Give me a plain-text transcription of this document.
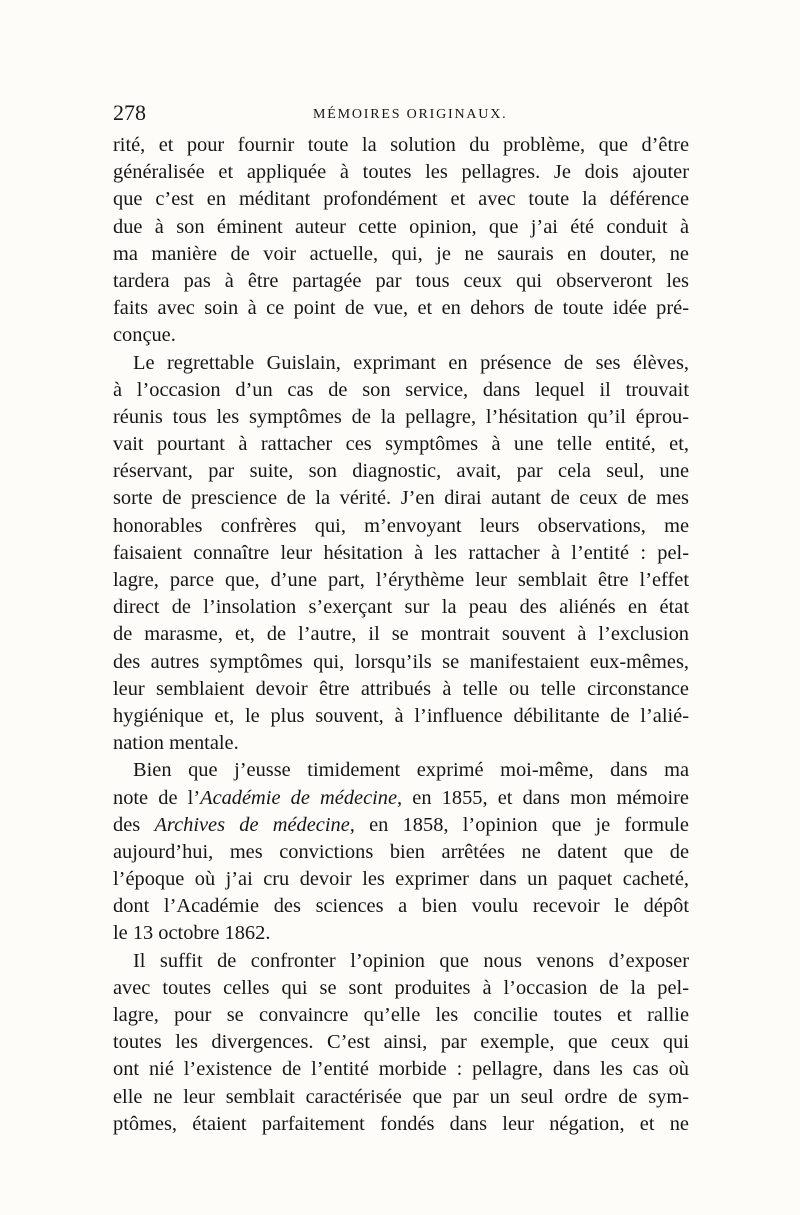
278	MÉMOIRES ORIGINAUX.
rité, et pour fournir toute la solution du problème, que d’être
généralisée et appliquée à toutes les pellagres. Je dois ajouter
que c’est en méditant profondément et avec toute la déférence
due à son éminent auteur cette opinion, que j’ai été conduit à
ma manière de voir actuelle, qui, je ne saurais en douter, ne
tardera pas à être partagée par tous ceux qui observeront les
faits avec soin à ce point de vue, et en dehors de toute idée pré-
conçue.
Le regrettable Guislain, exprimant en présence de ses élèves,
à l’occasion d’un cas de son service, dans lequel il trouvait
réunis tous les symptômes de la pellagre, l’hésitation qu’il éprou-
vait pourtant à rattacher ces symptômes à une telle entité, et,
réservant, par suite, son diagnostic, avait, par cela seul, une
sorte de prescience de la vérité. J’en dirai autant de ceux de mes
honorables confrères qui, m’envoyant leurs observations, me
faisaient connaître leur hésitation à les rattacher à l’entité : pel-
lagre, parce que, d’une part, l’érythème leur semblait être l’effet
direct de l’insolation s’exerçant sur la peau des aliénés en état
de marasme, et, de l’autre, il se montrait souvent à l’exclusion
des autres symptômes qui, lorsqu’ils se manifestaient eux-mêmes,
leur semblaient devoir être attribués à telle ou telle circonstance
hygiénique et, le plus souvent, à l’influence débilitante de l’alié-
nation mentale.
Bien que j’eusse timidement exprimé moi-même, dans ma
note de l’Académie de médecine, en 1855, et dans mon mémoire
des Archives de médecine, en 1858, l’opinion que je formule
aujourd’hui, mes convictions bien arrêtées ne datent que de
l’époque où j’ai cru devoir les exprimer dans un paquet cacheté,
dont l’Académie des sciences a bien voulu recevoir le dépôt
le 13 octobre 1862.
Il suffit de confronter l’opinion que nous venons d’exposer
avec toutes celles qui se sont produites à l’occasion de la pel-
lagre, pour se convaincre qu’elle les concilie toutes et rallie
toutes les divergences. C’est ainsi, par exemple, que ceux qui
ont nié l’existence de l’entité morbide : pellagre, dans les cas où
elle ne leur semblait caractérisée que par un seul ordre de sym-
ptômes, étaient parfaitement fondés dans leur négation, et ne
